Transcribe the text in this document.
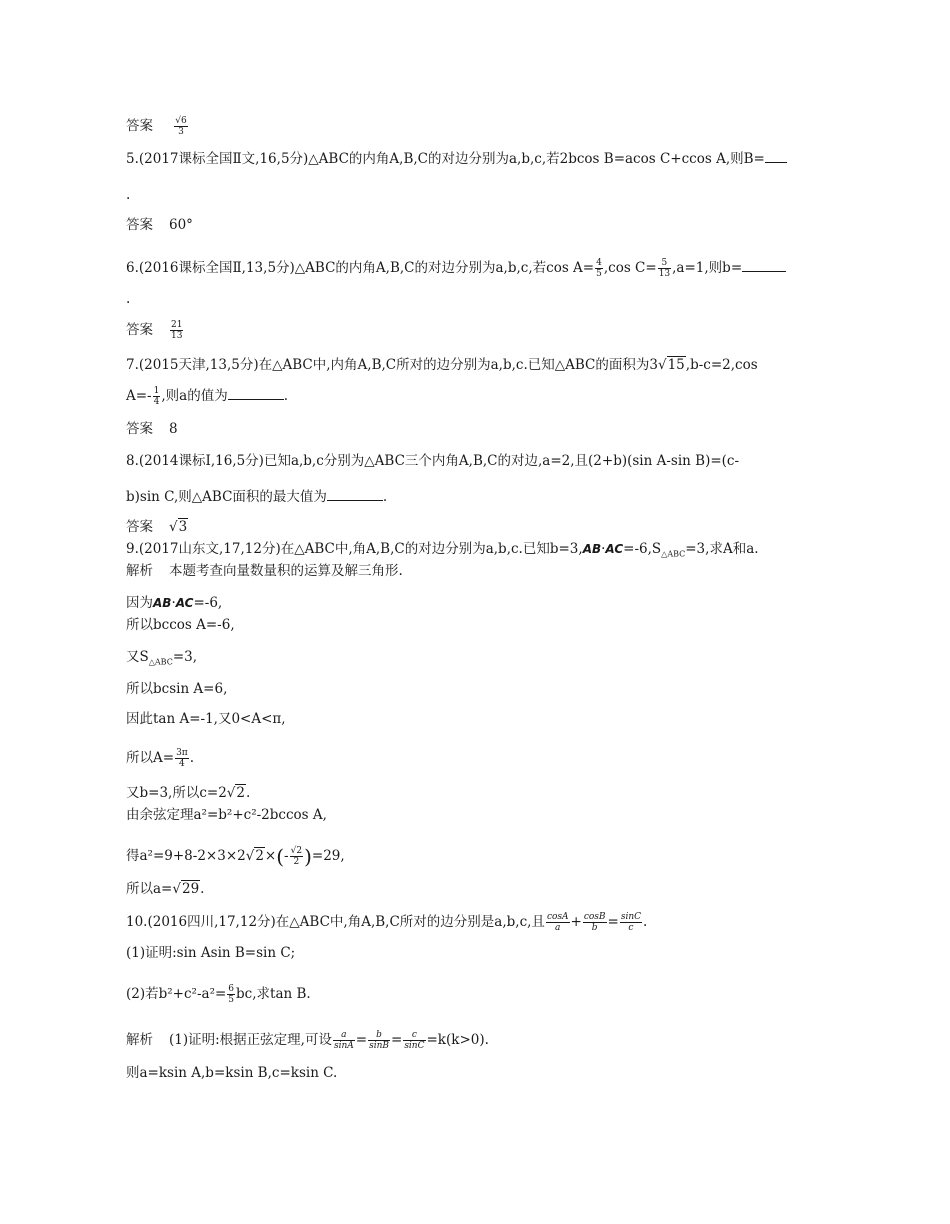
答案 $\frac{√6}{3}$
5.(2017课标全国Ⅱ文,16,5分)△ABC的内角A,B,C的对边分别为a,b,c,若2bcos B=acos C+ccos A,则B=
.
答案 60°
6.(2016课标全国Ⅱ,13,5分)△ABC的内角A,B,C的对边分别为a,b,c,若$\cos A= \frac{4}{5} ,\cos$ $C= \frac{5}{13} ,a=1$,则b=
.
答案 $\frac{21}{13}$
7.(2015天津,13,5分)在△ABC中,内角A,B,C所对的边分别为a,b,c.已知△ABC的面积为3√15,b-c=2,cos
$A=- \frac{1}{4}$ ,则a的值为	.
答案 8
8.(2014课标Ⅰ,16,5分)已知a,b,c分别为△ABC三个内角A,B,C的对边,a=2,且(2+b)(sin A-sin B)=(c-
b)sin C,则△ABC面积的最大值为	.
答案 √3
9.(2017山东文,17,12分)在△ABC中,角A,B,C的对边分别为a,b,c.已知$b=3,AB\cdot AC=-6,S_{\triangle ABC}=3$,求A和a.
解析 本题考查向量数量积的运算及解三角形.
因为AB·AC=-6,
所以bccos A=-6,
又$S_{\triangle ABC}=3$,
所以bcsin A=6,
因此tan A=-1,又0<A<π,
所以$A= \frac{3\pi}{4}$ .
又b=3,所以c=2√2.
由余弦定理a²=b²+c²-2bccos A,
得$a^2=9+8-2\times 3\times 2√2\times(- \frac{√2}{2} )=29$,
所以a=√29.
10.(2016四川,17,12分)在△ABC中,角A,B,C所对的边分别是a,b,c,且 $\frac{\cos A}{a} + \frac{\cos B}{b} = \frac{\sin C}{c}$ .
(1)证明:sin Asin B=sin C;
(2)若$b^2+c^2-a^2= \frac{6}{5}$ bc,求tan B.
解析 (1)证明:根据正弦定理,可设 $\frac{a}{\sin A} = \frac{b}{\sin B} = \frac{c}{\sin C} =k(k>0)$.
则a=ksin A,b=ksin B,c=ksin C.
